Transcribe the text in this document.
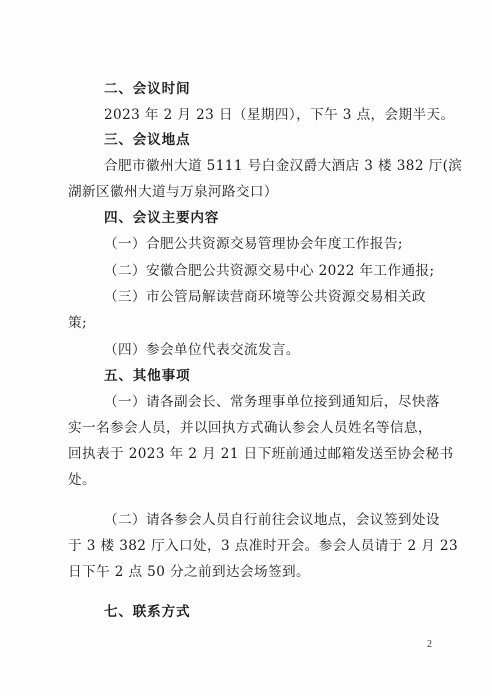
二、会议时间
2023 年 2 月 23 日（星期四），下午 3 点，会期半天。
三、会议地点
合肥市徽州大道 5111 号白金汉爵大酒店 3 楼 382 厅(滨
湖新区徽州大道与万泉河路交口）
四、会议主要内容
（一）合肥公共资源交易管理协会年度工作报告;
（二）安徽合肥公共资源交易中心 2022 年工作通报;
（三）市公管局解读营商环境等公共资源交易相关政
策;
（四）参会单位代表交流发言。
五、其他事项
（一）请各副会长、常务理事单位接到通知后，尽快落
实一名参会人员，并以回执方式确认参会人员姓名等信息，
回执表于 2023 年 2 月 21 日下班前通过邮箱发送至协会秘书
处。
（二）请各参会人员自行前往会议地点，会议签到处设
于 3 楼 382 厅入口处，3 点准时开会。参会人员请于 2 月 23
日下午 2 点 50 分之前到达会场签到。
七、联系方式
2
